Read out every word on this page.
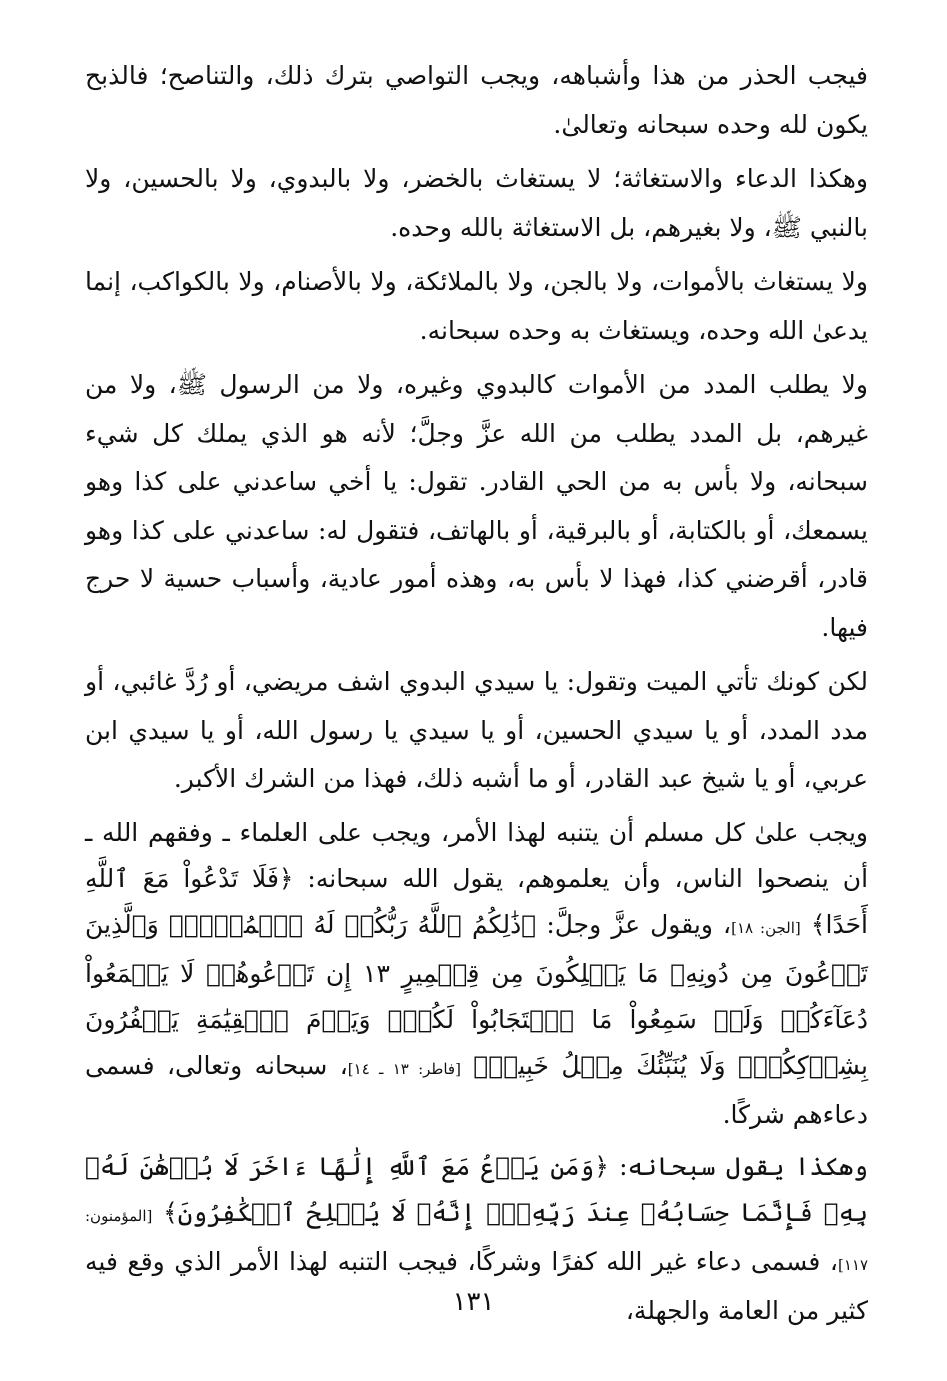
فيجب الحذر من هذا وأشباهه، ويجب التواصي بترك ذلك، والتناصح؛ فالذبح يكون لله وحده سبحانه وتعالىٰ.

وهكذا الدعاء والاستغاثة؛ لا يستغاث بالخضر، ولا بالبدوي، ولا بالحسين، ولا بالنبي ﷺ، ولا بغيرهم، بل الاستغاثة بالله وحده.

ولا يستغاث بالأموات، ولا بالجن، ولا بالملائكة، ولا بالأصنام، ولا بالكواكب، إنما يدعىٰ الله وحده، ويستغاث به وحده سبحانه.

ولا يطلب المدد من الأموات كالبدوي وغيره، ولا من الرسول ﷺ، ولا من غيرهم، بل المدد يطلب من الله عزَّ وجلَّ؛ لأنه هو الذي يملك كل شيء سبحانه، ولا بأس به من الحي القادر. تقول: يا أخي ساعدني على كذا وهو يسمعك، أو بالكتابة، أو بالبرقية، أو بالهاتف، فتقول له: ساعدني على كذا وهو قادر، أقرضني كذا، فهذا لا بأس به، وهذه أمور عادية، وأسباب حسية لا حرج فيها.

لكن كونك تأتي الميت وتقول: يا سيدي البدوي اشف مريضي، أو رُدَّ غائبي، أو مدد المدد، أو يا سيدي الحسين، أو يا سيدي يا رسول الله، أو يا سيدي ابن عربي، أو يا شيخ عبد القادر، أو ما أشبه ذلك، فهذا من الشرك الأكبر.

ويجب علىٰ كل مسلم أن يتنبه لهذا الأمر، ويجب على العلماء ـ وفقهم الله ـ أن ينصحوا الناس، وأن يعلموهم، يقول الله سبحانه: ﴿فَلَا تَدْعُواْ مَعَ ٱللَّهِ أَحَدًا﴾ [الجن: ١٨]، ويقول عزَّ وجلَّ: ﴿ذَٰلِكُمُ ٱللَّهُ رَبُّكُمۡ لَهُ ٱلۡمُلۡكُۚ وَٱلَّذِينَ تَدۡعُونَ مِن دُونِهِۦ مَا يَمۡلِكُونَ مِن قِطۡمِيرٍ ١٣ إِن تَدۡعُوهُمۡ لَا يَسۡمَعُواْ دُعَآءَكُمۡ وَلَوۡ سَمِعُواْ مَا ٱسۡتَجَابُواْ لَكُمۡۖ وَيَوۡمَ ٱلۡقِيَٰمَةِ يَكۡفُرُونَ بِشِرۡكِكُمۡۚ وَلَا يُنَبِّئُكَ مِثۡلُ خَبِيرٖ﴾ [فاطر: ١٣ ـ ١٤]، سبحانه وتعالى، فسمى دعاءهم شركًا.

وهكذا يقول سبحانه: ﴿وَمَن يَدۡعُ مَعَ ٱللَّهِ إِلَٰهًا ءَاخَرَ لَا بُرۡهَٰنَ لَهُۥ بِهِۦ فَإِنَّمَا حِسَابُهُۥ عِندَ رَبِّهِۦٓۚ إِنَّهُۥ لَا يُفۡلِحُ ٱلۡكَٰفِرُونَ﴾ [المؤمنون: ١١٧]، فسمى دعاء غير الله كفرًا وشركًا، فيجب التنبه لهذا الأمر الذي وقع فيه كثير من العامة والجهلة،

١٣١
